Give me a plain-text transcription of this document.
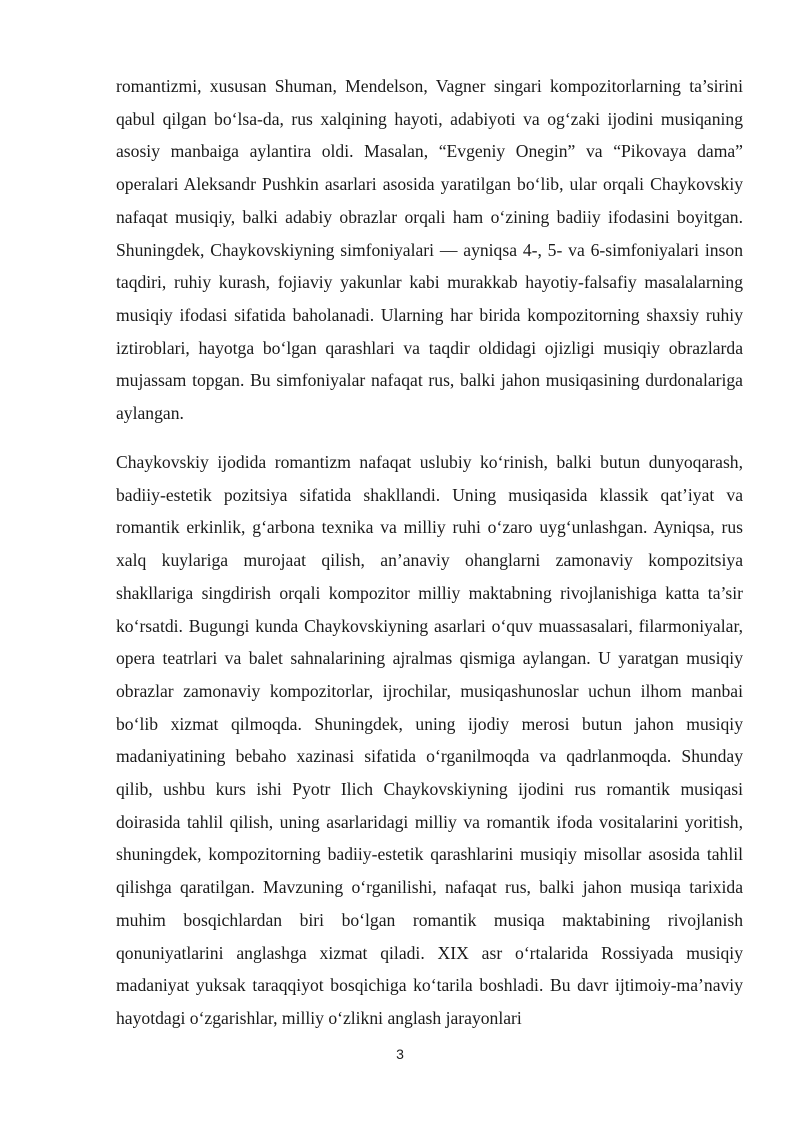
romantizmi, xususan Shuman, Mendelson, Vagner singari kompozitorlarning ta’sirini qabul qilgan bo‘lsa-da, rus xalqining hayoti, adabiyoti va og‘zaki ijodini musiqaning asosiy manbaiga aylantira oldi. Masalan, “Evgeniy Onegin” va “Pikovaya dama” operalari Aleksandr Pushkin asarlari asosida yaratilgan bo‘lib, ular orqali Chaykovskiy nafaqat musiqiy, balki adabiy obrazlar orqali ham o‘zining badiiy ifodasini boyitgan. Shuningdek, Chaykovskiyning simfoniyalari — ayniqsa 4-, 5- va 6-simfoniyalari inson taqdiri, ruhiy kurash, fojiaviy yakunlar kabi murakkab hayotiy-falsafiy masalalarning musiqiy ifodasi sifatida baholanadi. Ularning har birida kompozitorning shaxsiy ruhiy iztiroblari, hayotga bo‘lgan qarashlari va taqdir oldidagi ojizligi musiqiy obrazlarda mujassam topgan. Bu simfoniyalar nafaqat rus, balki jahon musiqasining durdonalariga aylangan.

Chaykovskiy ijodida romantizm nafaqat uslubiy ko‘rinish, balki butun dunyoqarash, badiiy-estetik pozitsiya sifatida shakllandi. Uning musiqasida klassik qat’iyat va romantik erkinlik, g‘arbona texnika va milliy ruhi o‘zaro uyg‘unlashgan. Ayniqsa, rus xalq kuylariga murojaat qilish, an’anaviy ohanglarni zamonaviy kompozitsiya shakllariga singdirish orqali kompozitor milliy maktabning rivojlanishiga katta ta’sir ko‘rsatdi. Bugungi kunda Chaykovskiyning asarlari o‘quv muassasalari, filarmoniyalar, opera teatrlari va balet sahnalarining ajralmas qismiga aylangan. U yaratgan musiqiy obrazlar zamonaviy kompozitorlar, ijrochilar, musiqashunoslar uchun ilhom manbai bo‘lib xizmat qilmoqda. Shuningdek, uning ijodiy merosi butun jahon musiqiy madaniyatining bebaho xazinasi sifatida o‘rganilmoqda va qadrlanmoqda. Shunday qilib, ushbu kurs ishi Pyotr Ilich Chaykovskiyning ijodini rus romantik musiqasi doirasida tahlil qilish, uning asarlaridagi milliy va romantik ifoda vositalarini yoritish, shuningdek, kompozitorning badiiy-estetik qarashlarini musiqiy misollar asosida tahlil qilishga qaratilgan. Mavzuning o‘rganilishi, nafaqat rus, balki jahon musiqa tarixida muhim bosqichlardan biri bo‘lgan romantik musiqa maktabining rivojlanish qonuniyatlarini anglashga xizmat qiladi. XIX asr o‘rtalarida Rossiyada musiqiy madaniyat yuksak taraqqiyot bosqichiga ko‘tarila boshladi. Bu davr ijtimoiy-ma’naviy hayotdagi o‘zgarishlar, milliy o‘zlikni anglash jarayonlari

3
